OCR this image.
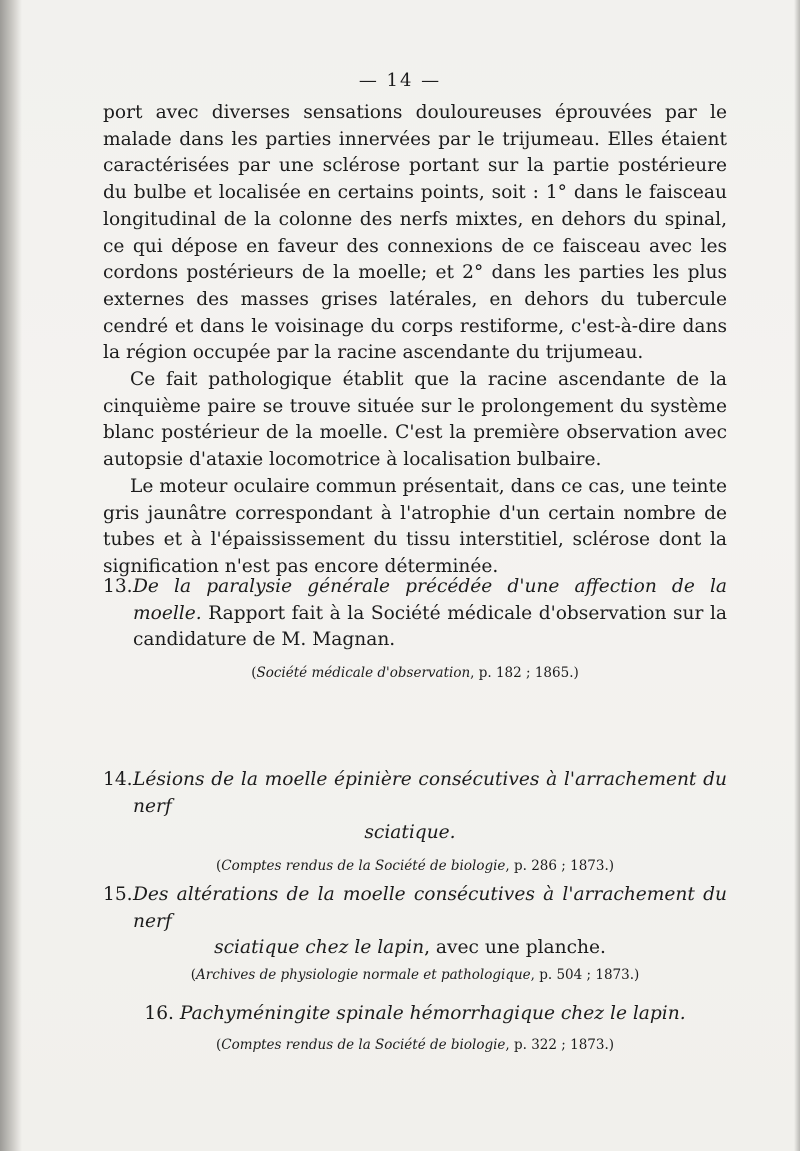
— 14 —

port avec diverses sensations douloureuses éprouvées par le malade dans les parties innervées par le trijumeau. Elles étaient caractérisées par une sclérose portant sur la partie postérieure du bulbe et localisée en certains points, soit : 1° dans le faisceau longitudinal de la colonne des nerfs mixtes, en dehors du spinal, ce qui dépose en faveur des connexions de ce faisceau avec les cordons postérieurs de la moelle; et 2° dans les parties les plus externes des masses grises latérales, en dehors du tubercule cendré et dans le voisinage du corps restiforme, c'est-à-dire dans la région occupée par la racine ascendante du trijumeau.

Ce fait pathologique établit que la racine ascendante de la cinquième paire se trouve située sur le prolongement du système blanc postérieur de la moelle. C'est la première observation avec autopsie d'ataxie locomotrice à localisation bulbaire.

Le moteur oculaire commun présentait, dans ce cas, une teinte gris jaunâtre correspondant à l'atrophie d'un certain nombre de tubes et à l'épaississement du tissu interstitiel, sclérose dont la signification n'est pas encore déterminée.

13.De la paralysie générale précédée d'une affection de la moelle. Rapport fait à la Société médicale d'observation sur la candidature de M. Magnan.
(Société médicale d'observation, p. 182 ; 1865.)
14.Lésions de la moelle épinière consécutives à l'arrachement du nerf
sciatique.
(Comptes rendus de la Société de biologie, p. 286 ; 1873.)
15.Des altérations de la moelle consécutives à l'arrachement du nerf
sciatique chez le lapin, avec une planche.
(Archives de physiologie normale et pathologique, p. 504 ; 1873.)
16. Pachyméningite spinale hémorrhagique chez le lapin.
(Comptes rendus de la Société de biologie, p. 322 ; 1873.)
